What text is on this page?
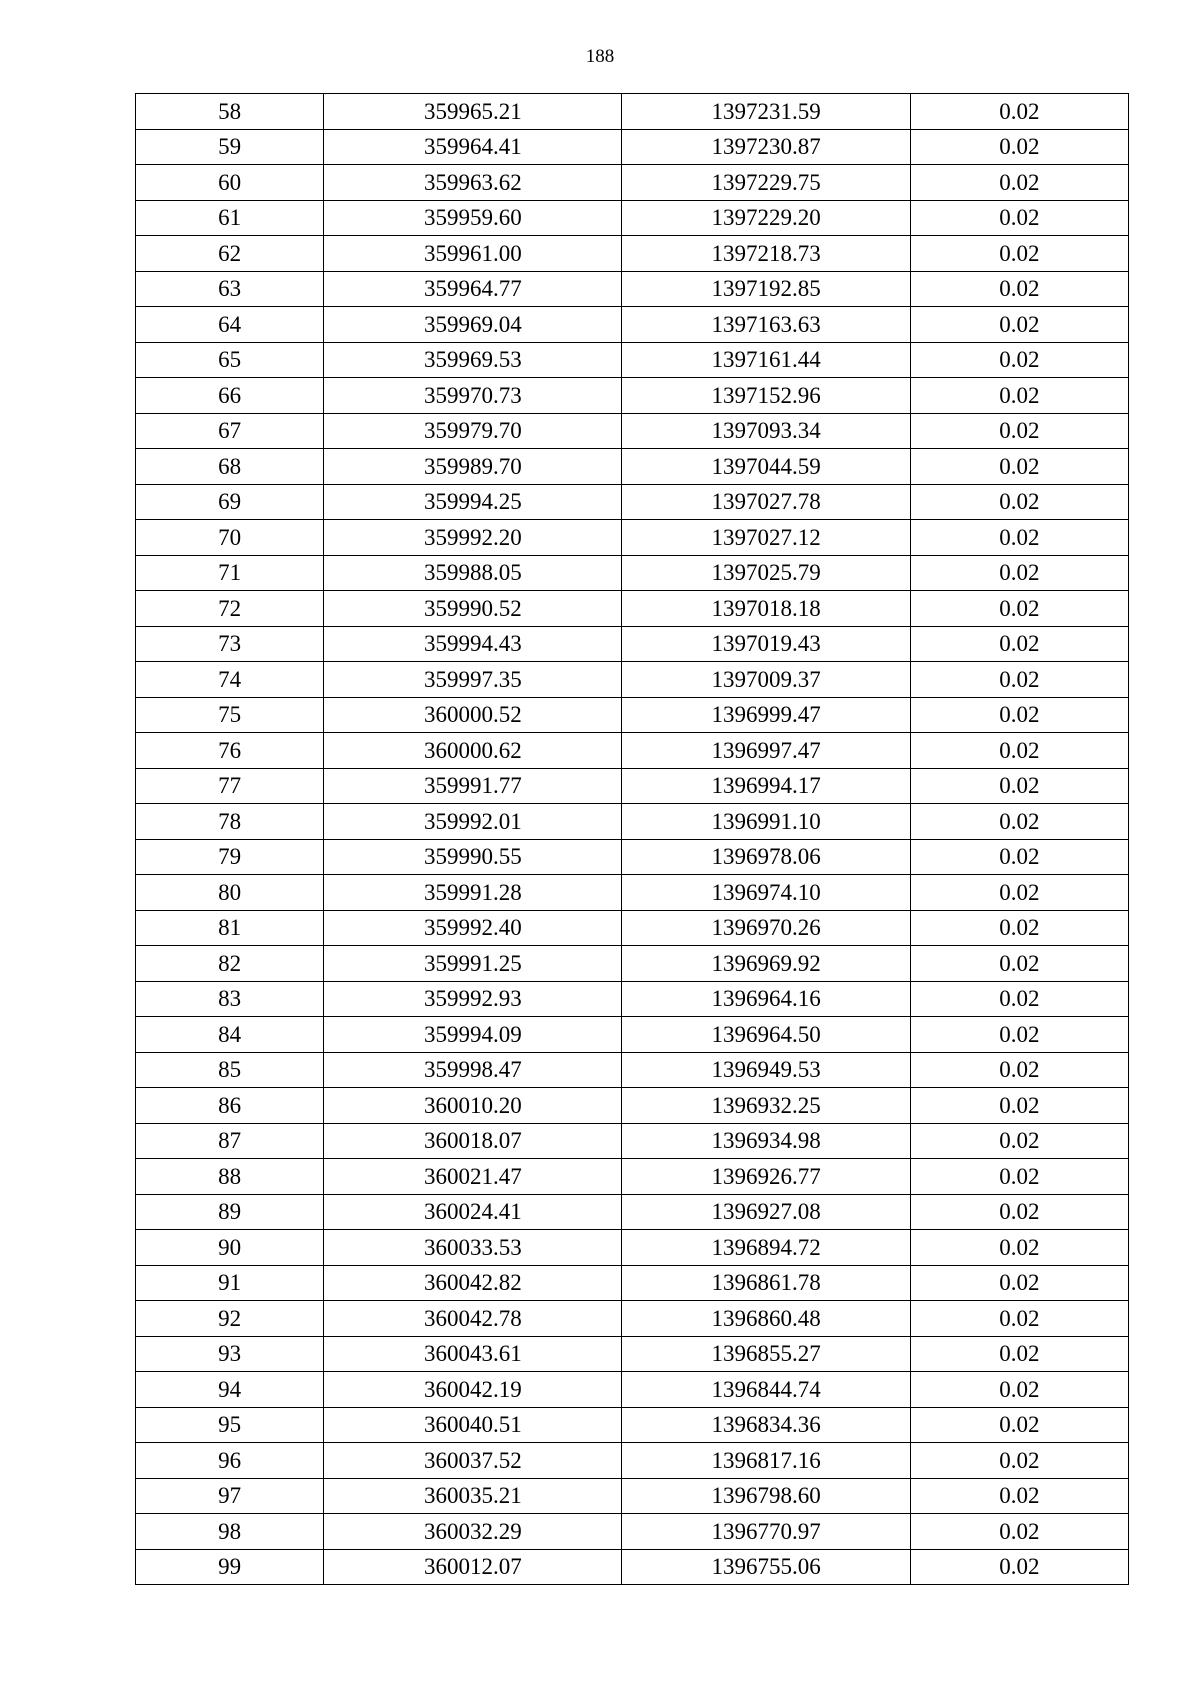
188
58	359965.21	1397231.59	0.02
59	359964.41	1397230.87	0.02
60	359963.62	1397229.75	0.02
61	359959.60	1397229.20	0.02
62	359961.00	1397218.73	0.02
63	359964.77	1397192.85	0.02
64	359969.04	1397163.63	0.02
65	359969.53	1397161.44	0.02
66	359970.73	1397152.96	0.02
67	359979.70	1397093.34	0.02
68	359989.70	1397044.59	0.02
69	359994.25	1397027.78	0.02
70	359992.20	1397027.12	0.02
71	359988.05	1397025.79	0.02
72	359990.52	1397018.18	0.02
73	359994.43	1397019.43	0.02
74	359997.35	1397009.37	0.02
75	360000.52	1396999.47	0.02
76	360000.62	1396997.47	0.02
77	359991.77	1396994.17	0.02
78	359992.01	1396991.10	0.02
79	359990.55	1396978.06	0.02
80	359991.28	1396974.10	0.02
81	359992.40	1396970.26	0.02
82	359991.25	1396969.92	0.02
83	359992.93	1396964.16	0.02
84	359994.09	1396964.50	0.02
85	359998.47	1396949.53	0.02
86	360010.20	1396932.25	0.02
87	360018.07	1396934.98	0.02
88	360021.47	1396926.77	0.02
89	360024.41	1396927.08	0.02
90	360033.53	1396894.72	0.02
91	360042.82	1396861.78	0.02
92	360042.78	1396860.48	0.02
93	360043.61	1396855.27	0.02
94	360042.19	1396844.74	0.02
95	360040.51	1396834.36	0.02
96	360037.52	1396817.16	0.02
97	360035.21	1396798.60	0.02
98	360032.29	1396770.97	0.02
99	360012.07	1396755.06	0.02
